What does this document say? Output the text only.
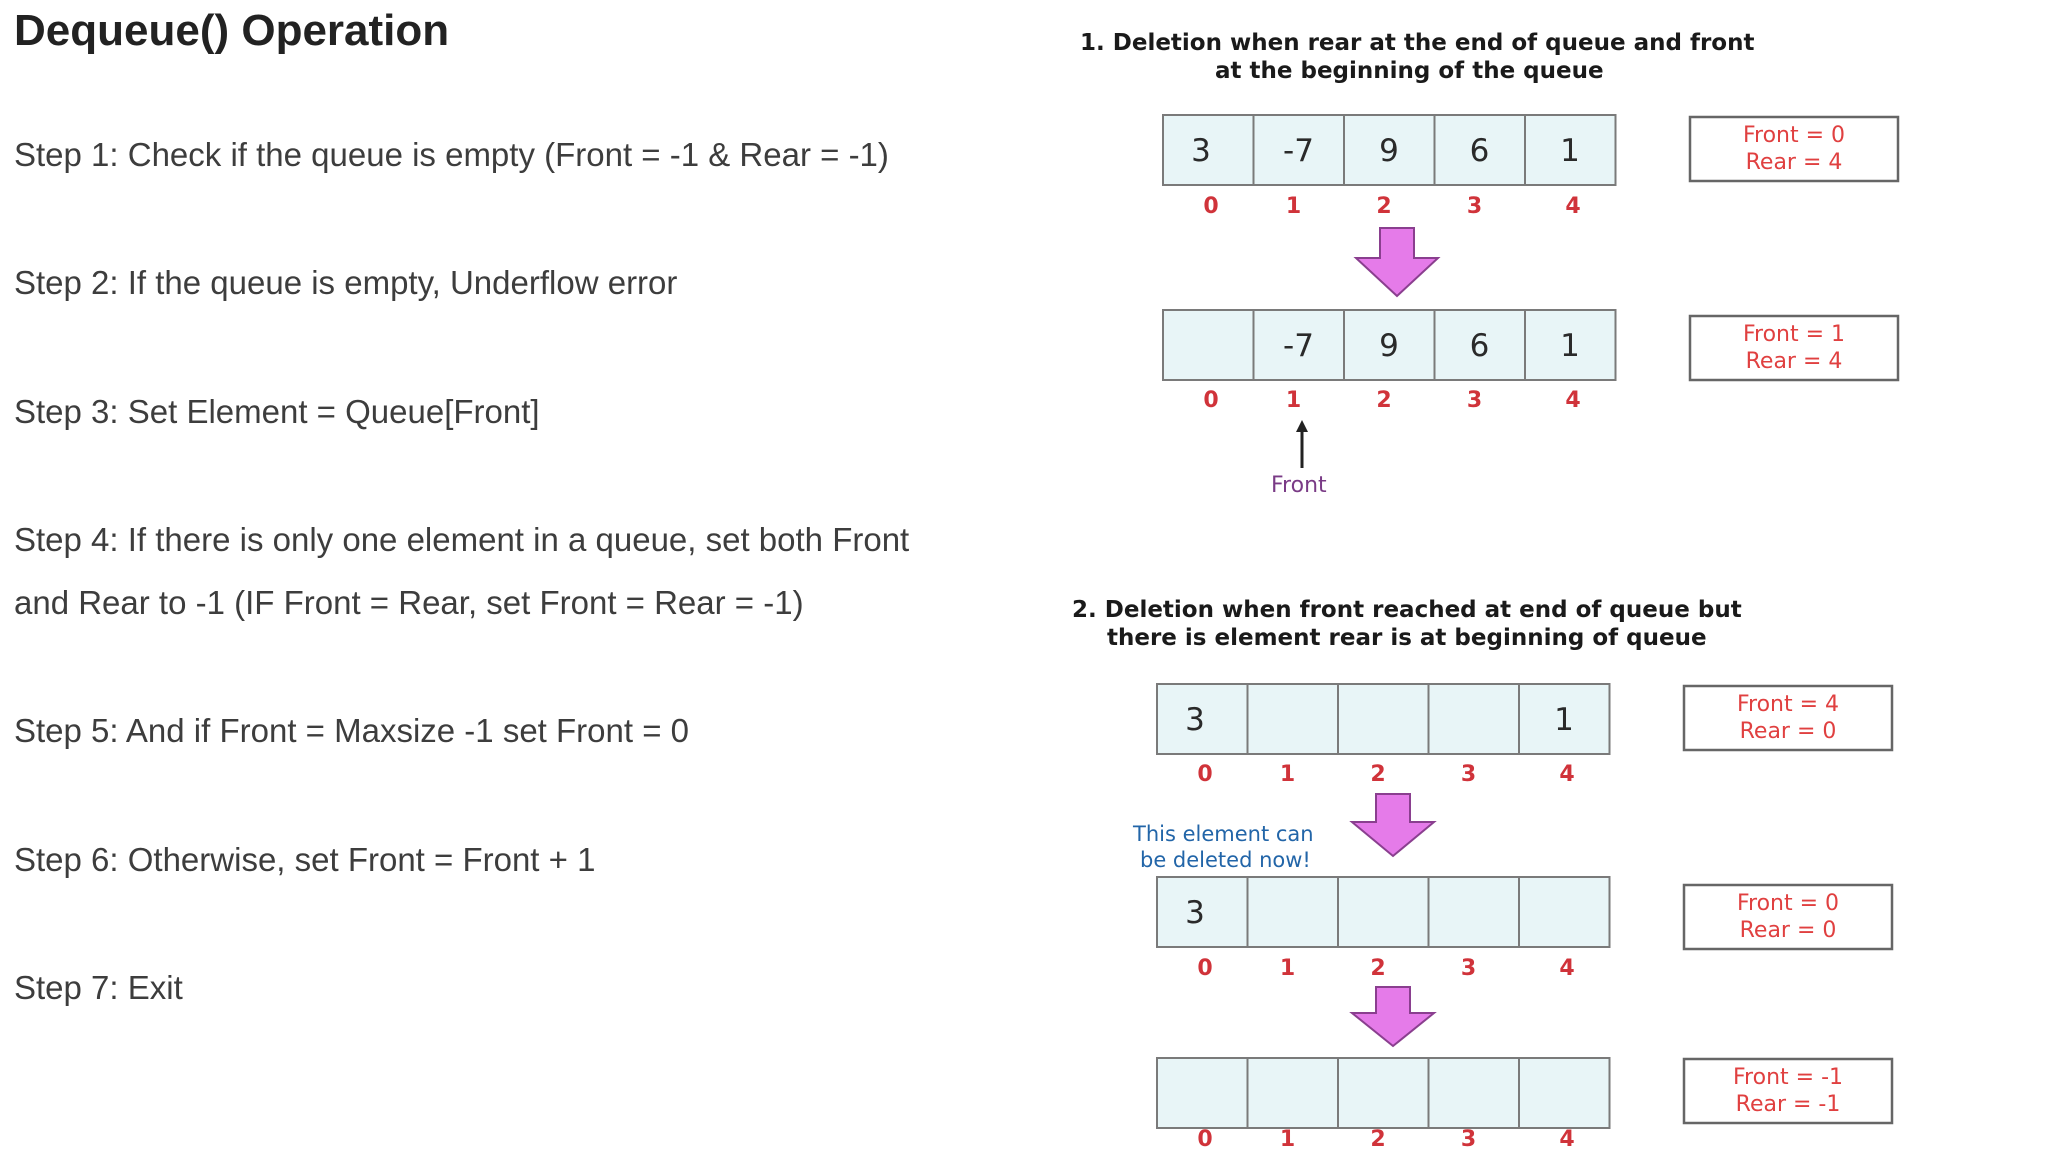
Dequeue() Operation

Step 1: Check if the queue is empty (Front = -1 & Rear = -1)

Step 2: If the queue is empty, Underflow error

Step 3: Set Element = Queue[Front]

Step 4: If there is only one element in a queue, set both Front

and Rear to -1 (IF Front = Rear, set Front = Rear = -1)

Step 5: And if Front = Maxsize -1 set Front = 0

Step 6: Otherwise, set Front = Front + 1

Step 7: Exit

1. Deletion when rear at the end of queue and front
at the beginning of the queue
Front
2. Deletion when front reached at end of queue but
there is element rear is at beginning of queue
This element can
be deleted now!
3
0
-7
1
9
2
6
3
1
4
0
-7
1
9
2
6
3
1
4
3
0	1	2	3
1
4
3
0	1	2	3	4
0	1	2	3	4
Front = 0
Rear = 4
Front = 1
Rear = 4
Front = 4
Rear = 0
Front = 0
Rear = 0
Front = -1
Rear = -1
